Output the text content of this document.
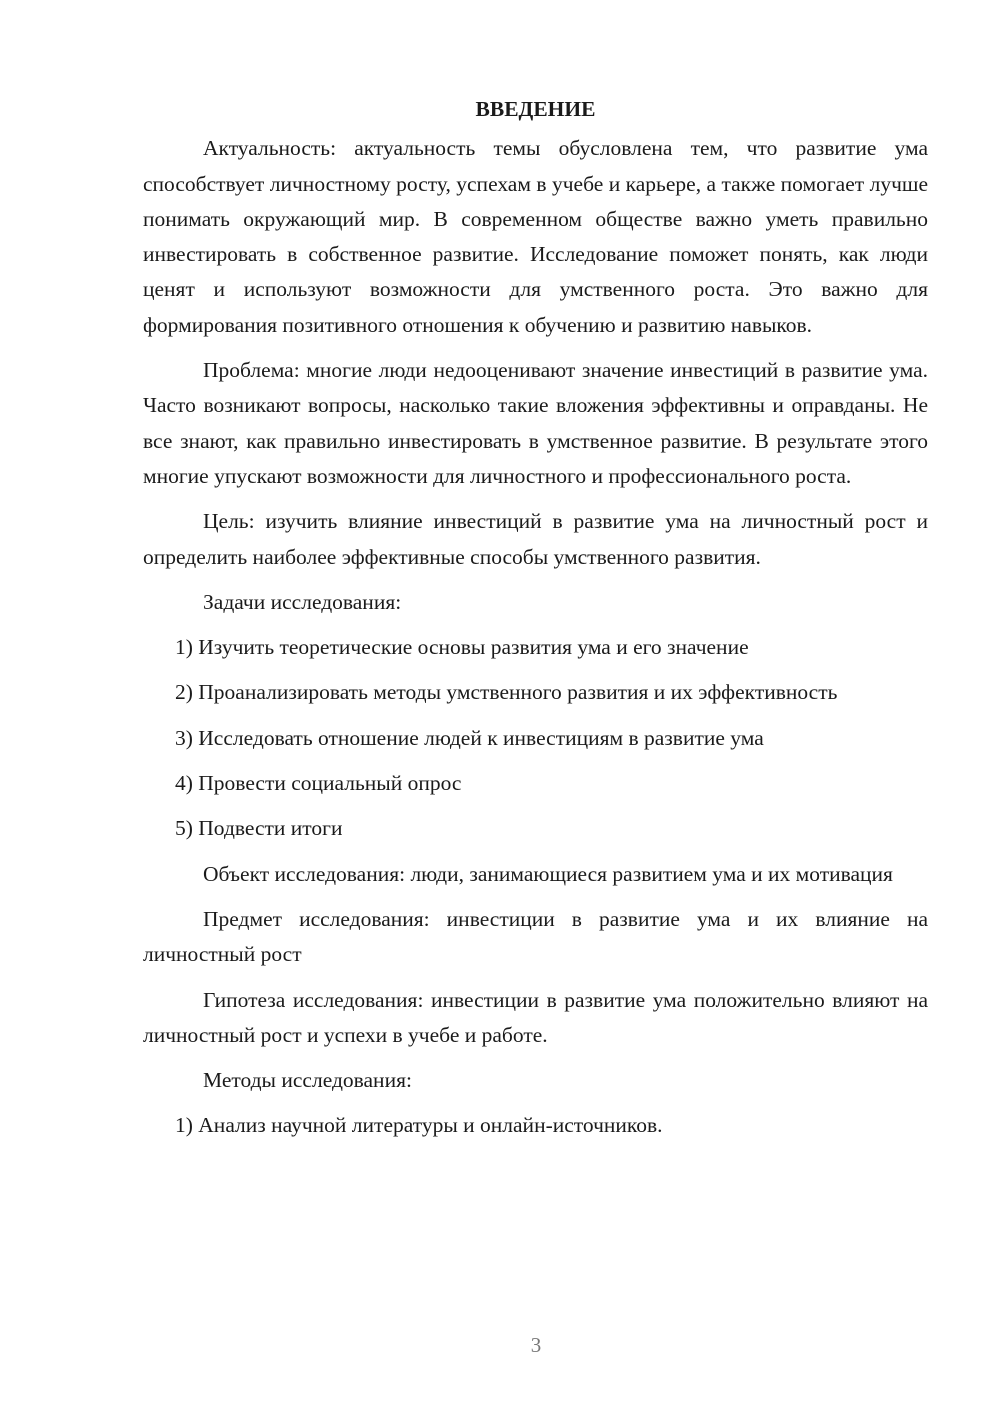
ВВЕДЕНИЕ

Актуальность: актуальность темы обусловлена тем, что развитие ума способствует личностному росту, успехам в учебе и карьере, а также помогает лучше понимать окружающий мир. В современном обществе важно уметь правильно инвестировать в собственное развитие. Исследование поможет понять, как люди ценят и используют возможности для умственного роста. Это важно для формирования позитивного отношения к обучению и развитию навыков.

Проблема: многие люди недооценивают значение инвестиций в развитие ума. Часто возникают вопросы, насколько такие вложения эффективны и оправданы. Не все знают, как правильно инвестировать в умственное развитие. В результате этого многие упускают возможности для личностного и профессионального роста.

Цель: изучить влияние инвестиций в развитие ума на личностный рост и определить наиболее эффективные способы умственного развития.

Задачи исследования:

1) Изучить теоретические основы развития ума и его значение

2) Проанализировать методы умственного развития и их эффективность

3) Исследовать отношение людей к инвестициям в развитие ума

4) Провести социальный опрос

5) Подвести итоги

Объект исследования: люди, занимающиеся развитием ума и их мотивация

Предмет исследования: инвестиции в развитие ума и их влияние на личностный рост

Гипотеза исследования: инвестиции в развитие ума положительно влияют на личностный рост и успехи в учебе и работе.

Методы исследования:

1) Анализ научной литературы и онлайн-источников.

3
